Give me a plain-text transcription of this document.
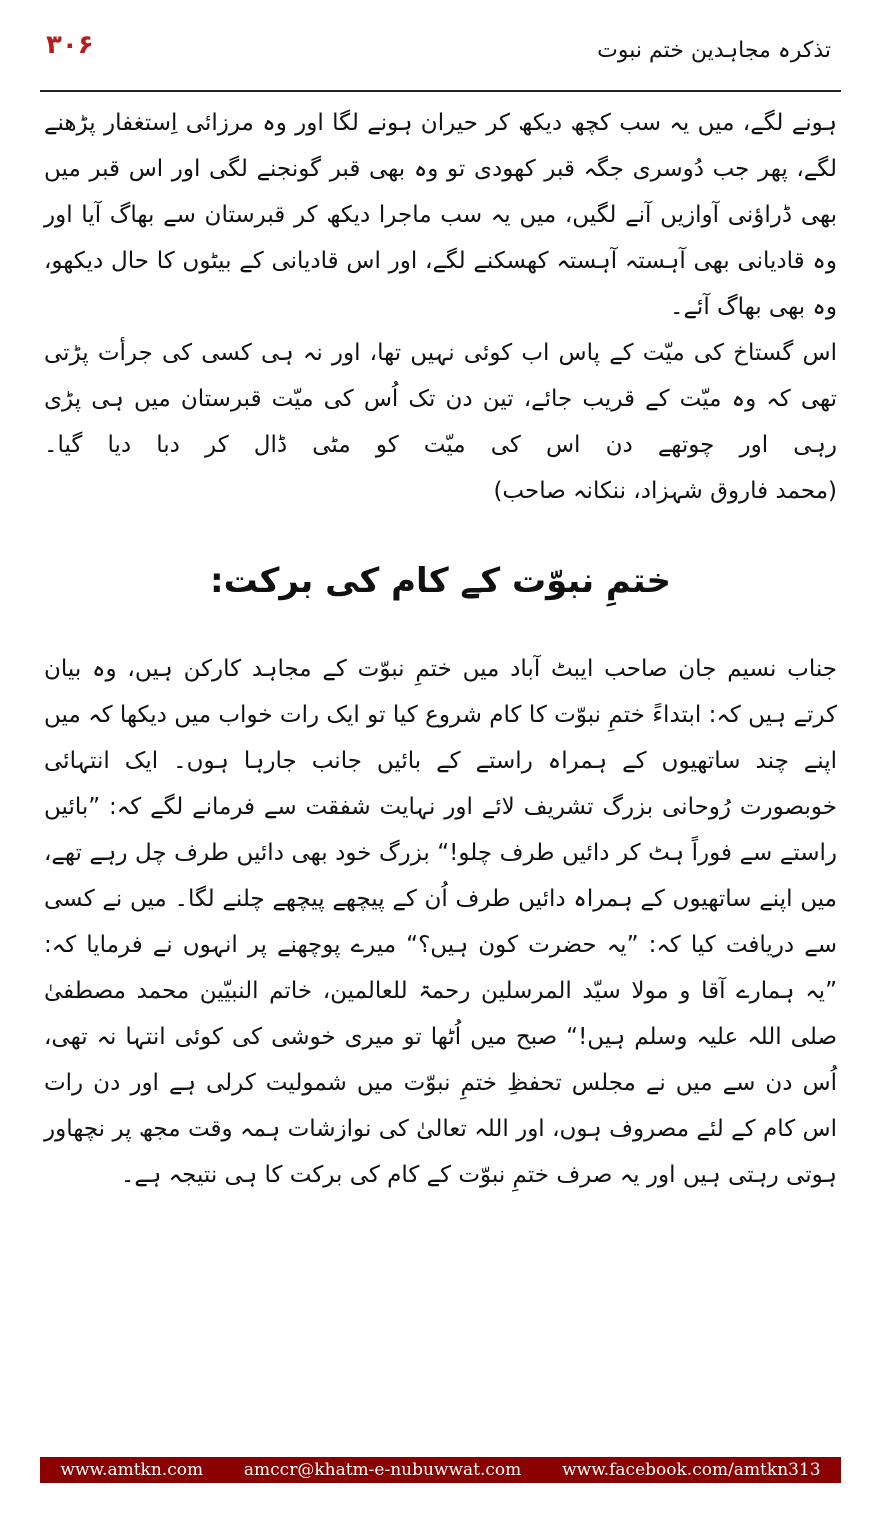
۳۰۶	تذکرہ مجاہدین ختم نبوت

ہونے لگے، میں یہ سب کچھ دیکھ کر حیران ہونے لگا اور وہ مرزائی اِستغفار پڑھنے لگے، پھر جب دُوسری جگہ قبر کھودی تو وہ بھی قبر گونجنے لگی اور اس قبر میں بھی ڈراؤنی آوازیں آنے لگیں، میں یہ سب ماجرا دیکھ کر قبرستان سے بھاگ آیا اور وہ قادیانی بھی آہستہ آہستہ کھسکنے لگے، اور اس قادیانی کے بیٹوں کا حال دیکھو، وہ بھی بھاگ آئے۔

اس گستاخ کی میّت کے پاس اب کوئی نہیں تھا، اور نہ ہی کسی کی جرأت پڑتی تھی کہ وہ میّت کے قریب جائے، تین دن تک اُس کی میّت قبرستان میں ہی پڑی رہی اور چوتھے دن اس کی میّت کو مٹی ڈال کر دبا دیا گیا۔ (محمد فاروق شہزاد، ننکانہ صاحب)

ختمِ نبوّت کے کام کی برکت:

جناب نسیم جان صاحب ایبٹ آباد میں ختمِ نبوّت کے مجاہد کارکن ہیں، وہ بیان کرتے ہیں کہ: ابتداءً ختمِ نبوّت کا کام شروع کیا تو ایک رات خواب میں دیکھا کہ میں اپنے چند ساتھیوں کے ہمراہ راستے کے بائیں جانب جارہا ہوں۔ ایک انتہائی خوبصورت رُوحانی بزرگ تشریف لائے اور نہایت شفقت سے فرمانے لگے کہ: ”بائیں راستے سے فوراً ہٹ کر دائیں طرف چلو!“ بزرگ خود بھی دائیں طرف چل رہے تھے، میں اپنے ساتھیوں کے ہمراہ دائیں طرف اُن کے پیچھے پیچھے چلنے لگا۔ میں نے کسی سے دریافت کیا کہ: ”یہ حضرت کون ہیں؟“ میرے پوچھنے پر انہوں نے فرمایا کہ: ”یہ ہمارے آقا و مولا سیّد المرسلین رحمۃ للعالمین، خاتم النبیّین محمد مصطفیٰ صلی اللہ علیہ وسلم ہیں!“ صبح میں اُٹھا تو میری خوشی کی کوئی انتہا نہ تھی، اُس دن سے میں نے مجلس تحفظِ ختمِ نبوّت میں شمولیت کرلی ہے اور دن رات اس کام کے لئے مصروف ہوں، اور اللہ تعالیٰ کی نوازشات ہمہ وقت مجھ پر نچھاور ہوتی رہتی ہیں اور یہ صرف ختمِ نبوّت کے کام کی برکت کا ہی نتیجہ ہے۔

www.amtkn.com amccr@khatm-e-nubuwwat.com www.facebook.com/amtkn313
